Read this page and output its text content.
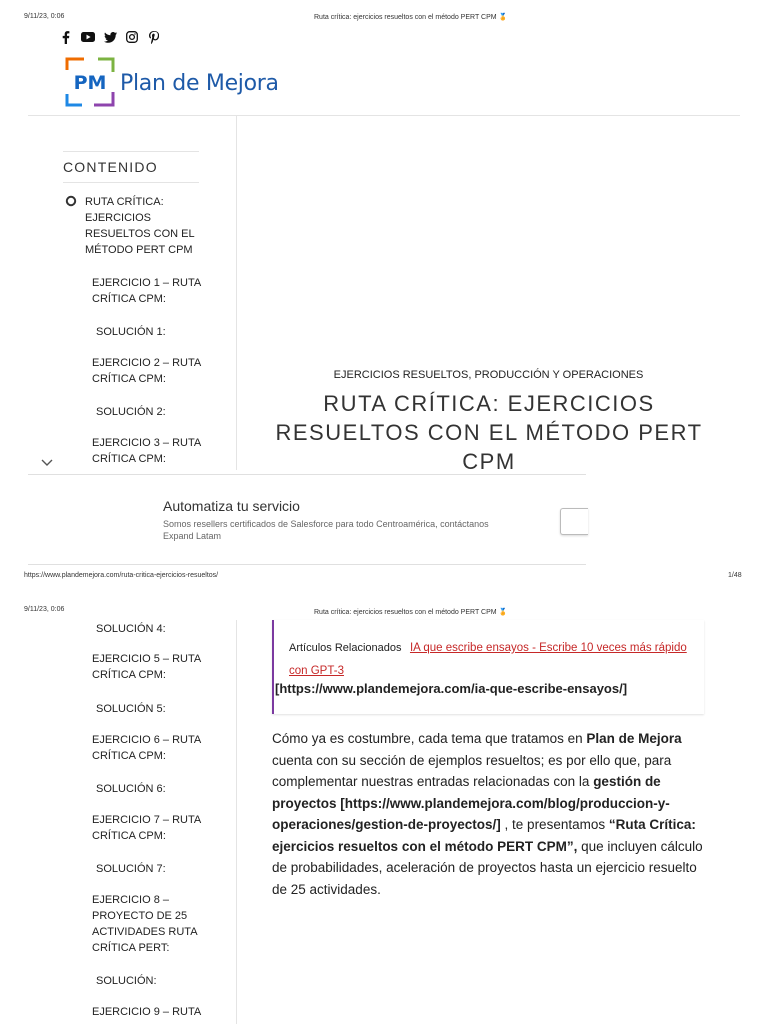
9/11/23, 0:06	Ruta crítica: ejercicios resueltos con el método PERT CPM 🏅
PM Plan de Mejora
CONTENIDO
RUTA CRÍTICA: EJERCICIOS RESUELTOS CON EL MÉTODO PERT CPM
EJERCICIO 1 – RUTA CRÍTICA CPM:
SOLUCIÓN 1:
EJERCICIO 2 – RUTA CRÍTICA CPM:
SOLUCIÓN 2:
EJERCICIO 3 – RUTA CRÍTICA CPM:
EJERCICIOS RESUELTOS, PRODUCCIÓN Y OPERACIONES
RUTA CRÍTICA: EJERCICIOS RESUELTOS CON EL MÉTODO PERT CPM
Automatiza tu servicio
Somos resellers certificados de Salesforce para todo Centroamérica, contáctanos
Expand Latam
https://www.plandemejora.com/ruta-critica-ejercicios-resueltos/	1/48
9/11/23, 0:06	Ruta crítica: ejercicios resueltos con el método PERT CPM 🏅
SOLUCIÓN 4:
EJERCICIO 5 – RUTA CRÍTICA CPM:
SOLUCIÓN 5:
EJERCICIO 6 – RUTA CRÍTICA CPM:
SOLUCIÓN 6:
EJERCICIO 7 – RUTA CRÍTICA CPM:
SOLUCIÓN 7:
EJERCICIO 8 – PROYECTO DE 25 ACTIVIDADES RUTA CRÍTICA PERT:
SOLUCIÓN:
EJERCICIO 9 – RUTA
Artículos Relacionados IA que escribe ensayos - Escribe 10 veces más rápido con GPT-3
[https://www.plandemejora.com/ia-que-escribe-ensayos/]
Cómo ya es costumbre, cada tema que tratamos en Plan de Mejora cuenta con su sección de ejemplos resueltos; es por ello que, para complementar nuestras entradas relacionadas con la gestión de proyectos [https://www.plandemejora.com/blog/produccion-y-operaciones/gestion-de-proyectos/] , te presentamos “Ruta Crítica: ejercicios resueltos con el método PERT CPM”, que incluyen cálculo de probabilidades, aceleración de proyectos hasta un ejercicio resuelto de 25 actividades.
